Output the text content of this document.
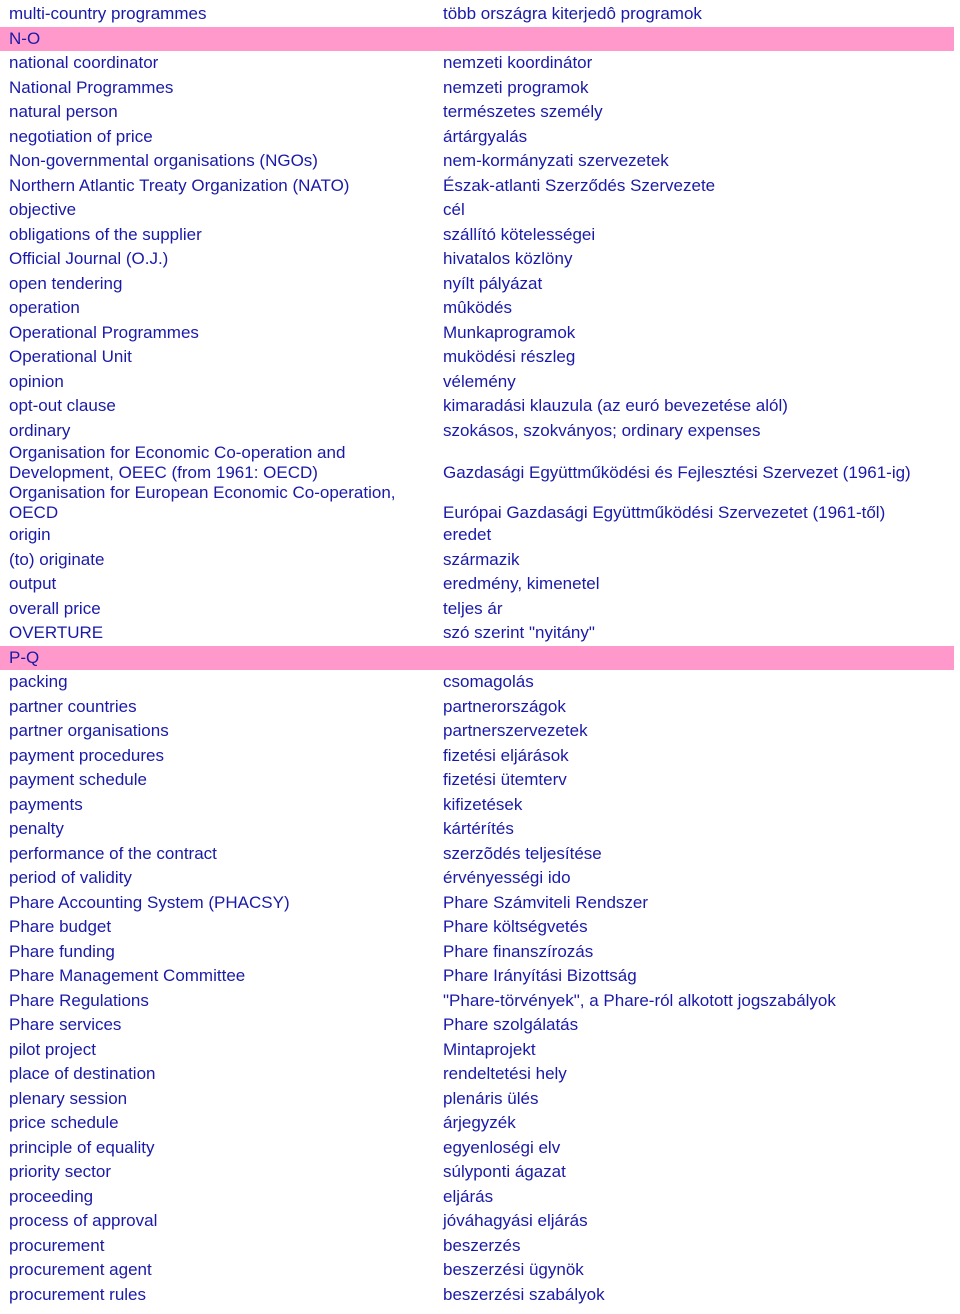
multi-country programmes	több országra kiterjedô programok
N-O
national coordinator	nemzeti koordinátor
National Programmes	nemzeti programok
natural person	természetes személy
negotiation of price	ártárgyalás
Non-governmental organisations (NGOs)	nem-kormányzati szervezetek
Northern Atlantic Treaty Organization (NATO)	Észak-atlanti Szerződés Szervezete
objective	cél
obligations of the supplier	szállító kötelességei
Official Journal (O.J.)	hivatalos közlöny
open tendering	nyílt pályázat
operation	mûködés
Operational Programmes	Munkaprogramok
Operational Unit	muködési részleg
opinion	vélemény
opt-out clause	kimaradási klauzula (az euró bevezetése alól)
ordinary	szokásos, szokványos; ordinary expenses
Organisation for Economic Co-operation and Development, OEEC (from 1961: OECD)	Gazdasági Együttműködési és Fejlesztési Szervezet (1961-ig)
Organisation for European Economic Co-operation, OECD	Európai Gazdasági Együttműködési Szervezetet (1961-től)
origin	eredet
(to) originate	származik
output	eredmény, kimenetel
overall price	teljes ár
OVERTURE	szó szerint "nyitány"
P-Q
packing	csomagolás
partner countries	partnerországok
partner organisations	partnerszervezetek
payment procedures	fizetési eljárások
payment schedule	fizetési ütemterv
payments	kifizetések
penalty	kártérítés
performance of the contract	szerzõdés teljesítése
period of validity	érvényességi ido
Phare Accounting System (PHACSY)	Phare Számviteli Rendszer
Phare budget	Phare költségvetés
Phare funding	Phare finanszírozás
Phare Management Committee	Phare Irányítási Bizottság
Phare Regulations	"Phare-törvények", a Phare-ról alkotott jogszabályok
Phare services	Phare szolgálatás
pilot project	Mintaprojekt
place of destination	rendeltetési hely
plenary session	plenáris ülés
price schedule	árjegyzék
principle of equality	egyenloségi elv
priority sector	súlyponti ágazat
proceeding	eljárás
process of approval	jóváhagyási eljárás
procurement	beszerzés
procurement agent	beszerzési ügynök
procurement rules	beszerzési szabályok
